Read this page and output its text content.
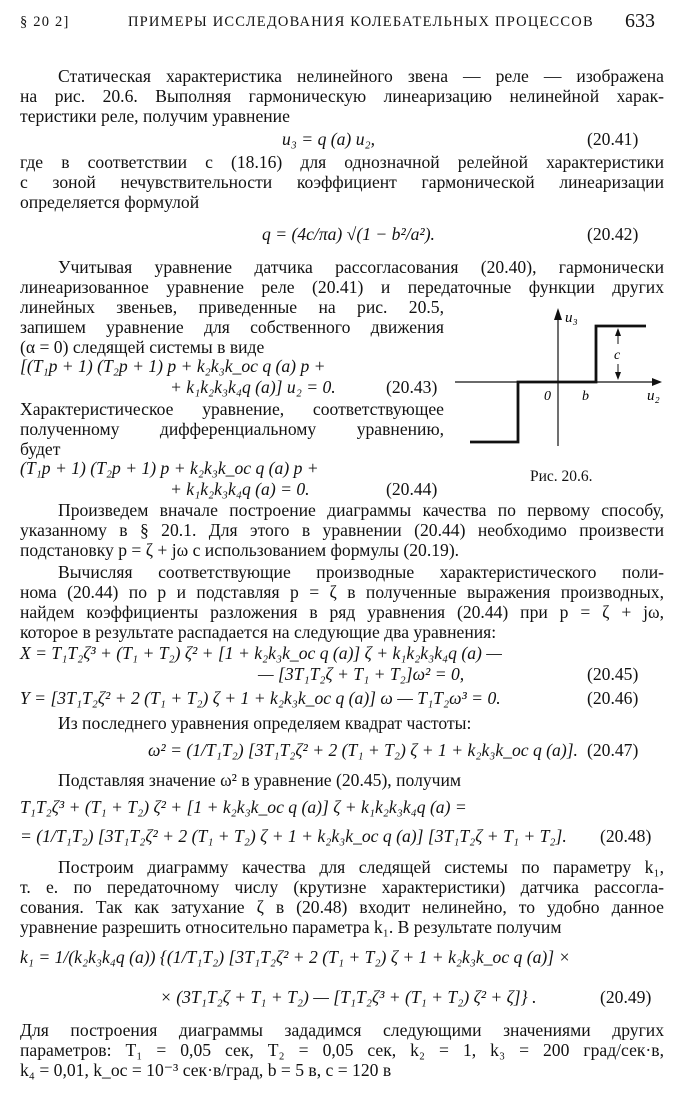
§ 20 2]	ПРИМЕРЫ ИССЛЕДОВАНИЯ КОЛЕБАТЕЛЬНЫХ ПРОЦЕССОВ 633
Статическая характеристика нелинейного звена — реле — изображена
на рис. 20.6. Выполняя гармоническую линеаризацию нелинейной харак-
теристики реле, получим уравнение
u₃ = q (a) u₂,	(20.41)
где в соответствии с (18.16) для однозначной релейной характеристики
с зоной нечувствительности коэффициент гармонической линеаризации
определяется формулой
q = (4c/πa) √(1 − b²/a²).	(20.42)
Учитывая уравнение датчика рассогласования (20.40), гармонически
линеаризованное уравнение реле (20.41) и передаточные функции других
линейных звеньев, приведенные на рис. 20.5,
запишем уравнение для собственного движения
(α = 0) следящей системы в виде
[(T₁p + 1) (T₂p + 1) p + k₂k₃k_oc q (a) p +
+ k₁k₂k₃k₄q (a)] u₂ = 0.	(20.43)
Характеристическое уравнение, соответствующее
полученному дифференциальному уравнению,
будет
(T₁p + 1) (T₂p + 1) p + k₂k₃k_oc q (a) p +
+ k₁k₂k₃k₄q (a) = 0.	(20.44)
c
u₃
u₂
0 b
Рис. 20.6.
Произведем вначале построение диаграммы качества по первому способу,
указанному в § 20.1. Для этого в уравнении (20.44) необходимо произвести
подстановку p = ζ + jω с использованием формулы (20.19).
Вычисляя соответствующие производные характеристического поли-
нома (20.44) по p и подставляя p = ζ в полученные выражения производных,
найдем коэффициенты разложения в ряд уравнения (20.44) при p = ζ + jω,
которое в результате распадается на следующие два уравнения:
X = T₁T₂ζ³ + (T₁ + T₂) ζ² + [1 + k₂k₃k_oc q (a)] ζ + k₁k₂k₃k₄q (a) —
— [3T₁T₂ζ + T₁ + T₂]ω² = 0,	(20.45)
Y = [3T₁T₂ζ² + 2 (T₁ + T₂) ζ + 1 + k₂k₃k_oc q (a)] ω — T₁T₂ω³ = 0.	(20.46)
Из последнего уравнения определяем квадрат частоты:
ω² = (1/T₁T₂) [3T₁T₂ζ² + 2 (T₁ + T₂) ζ + 1 + k₂k₃k_oc q (a)]. (20.47)
Подставляя значение ω² в уравнение (20.45), получим
T₁T₂ζ³ + (T₁ + T₂) ζ² + [1 + k₂k₃k_oc q (a)] ζ + k₁k₂k₃k₄q (a) =
= (1/T₁T₂) [3T₁T₂ζ² + 2 (T₁ + T₂) ζ + 1 + k₂k₃k_oc q (a)] [3T₁T₂ζ + T₁ + T₂]. (20.48)
Построим диаграмму качества для следящей системы по параметру k₁,
т. е. по передаточному числу (крутизне характеристики) датчика рассогла-
сования. Так как затухание ζ в (20.48) входит нелинейно, то удобно данное
уравнение разрешить относительно параметра k₁. В результате получим
k₁ = 1/(k₂k₃k₄q (a)) {(1/T₁T₂) [3T₁T₂ζ² + 2 (T₁ + T₂) ζ + 1 + k₂k₃k_oc q (a)] ×
× (3T₁T₂ζ + T₁ + T₂) — [T₁T₂ζ³ + (T₁ + T₂) ζ² + ζ]} .	(20.49)
Для построения диаграммы зададимся следующими значениями других
параметров: T₁ = 0,05 сек, T₂ = 0,05 сек, k₂ = 1, k₃ = 200 град/сек·в,
k₄ = 0,01, k_oc = 10⁻³ сек·в/град, b = 5 в, c = 120 в
